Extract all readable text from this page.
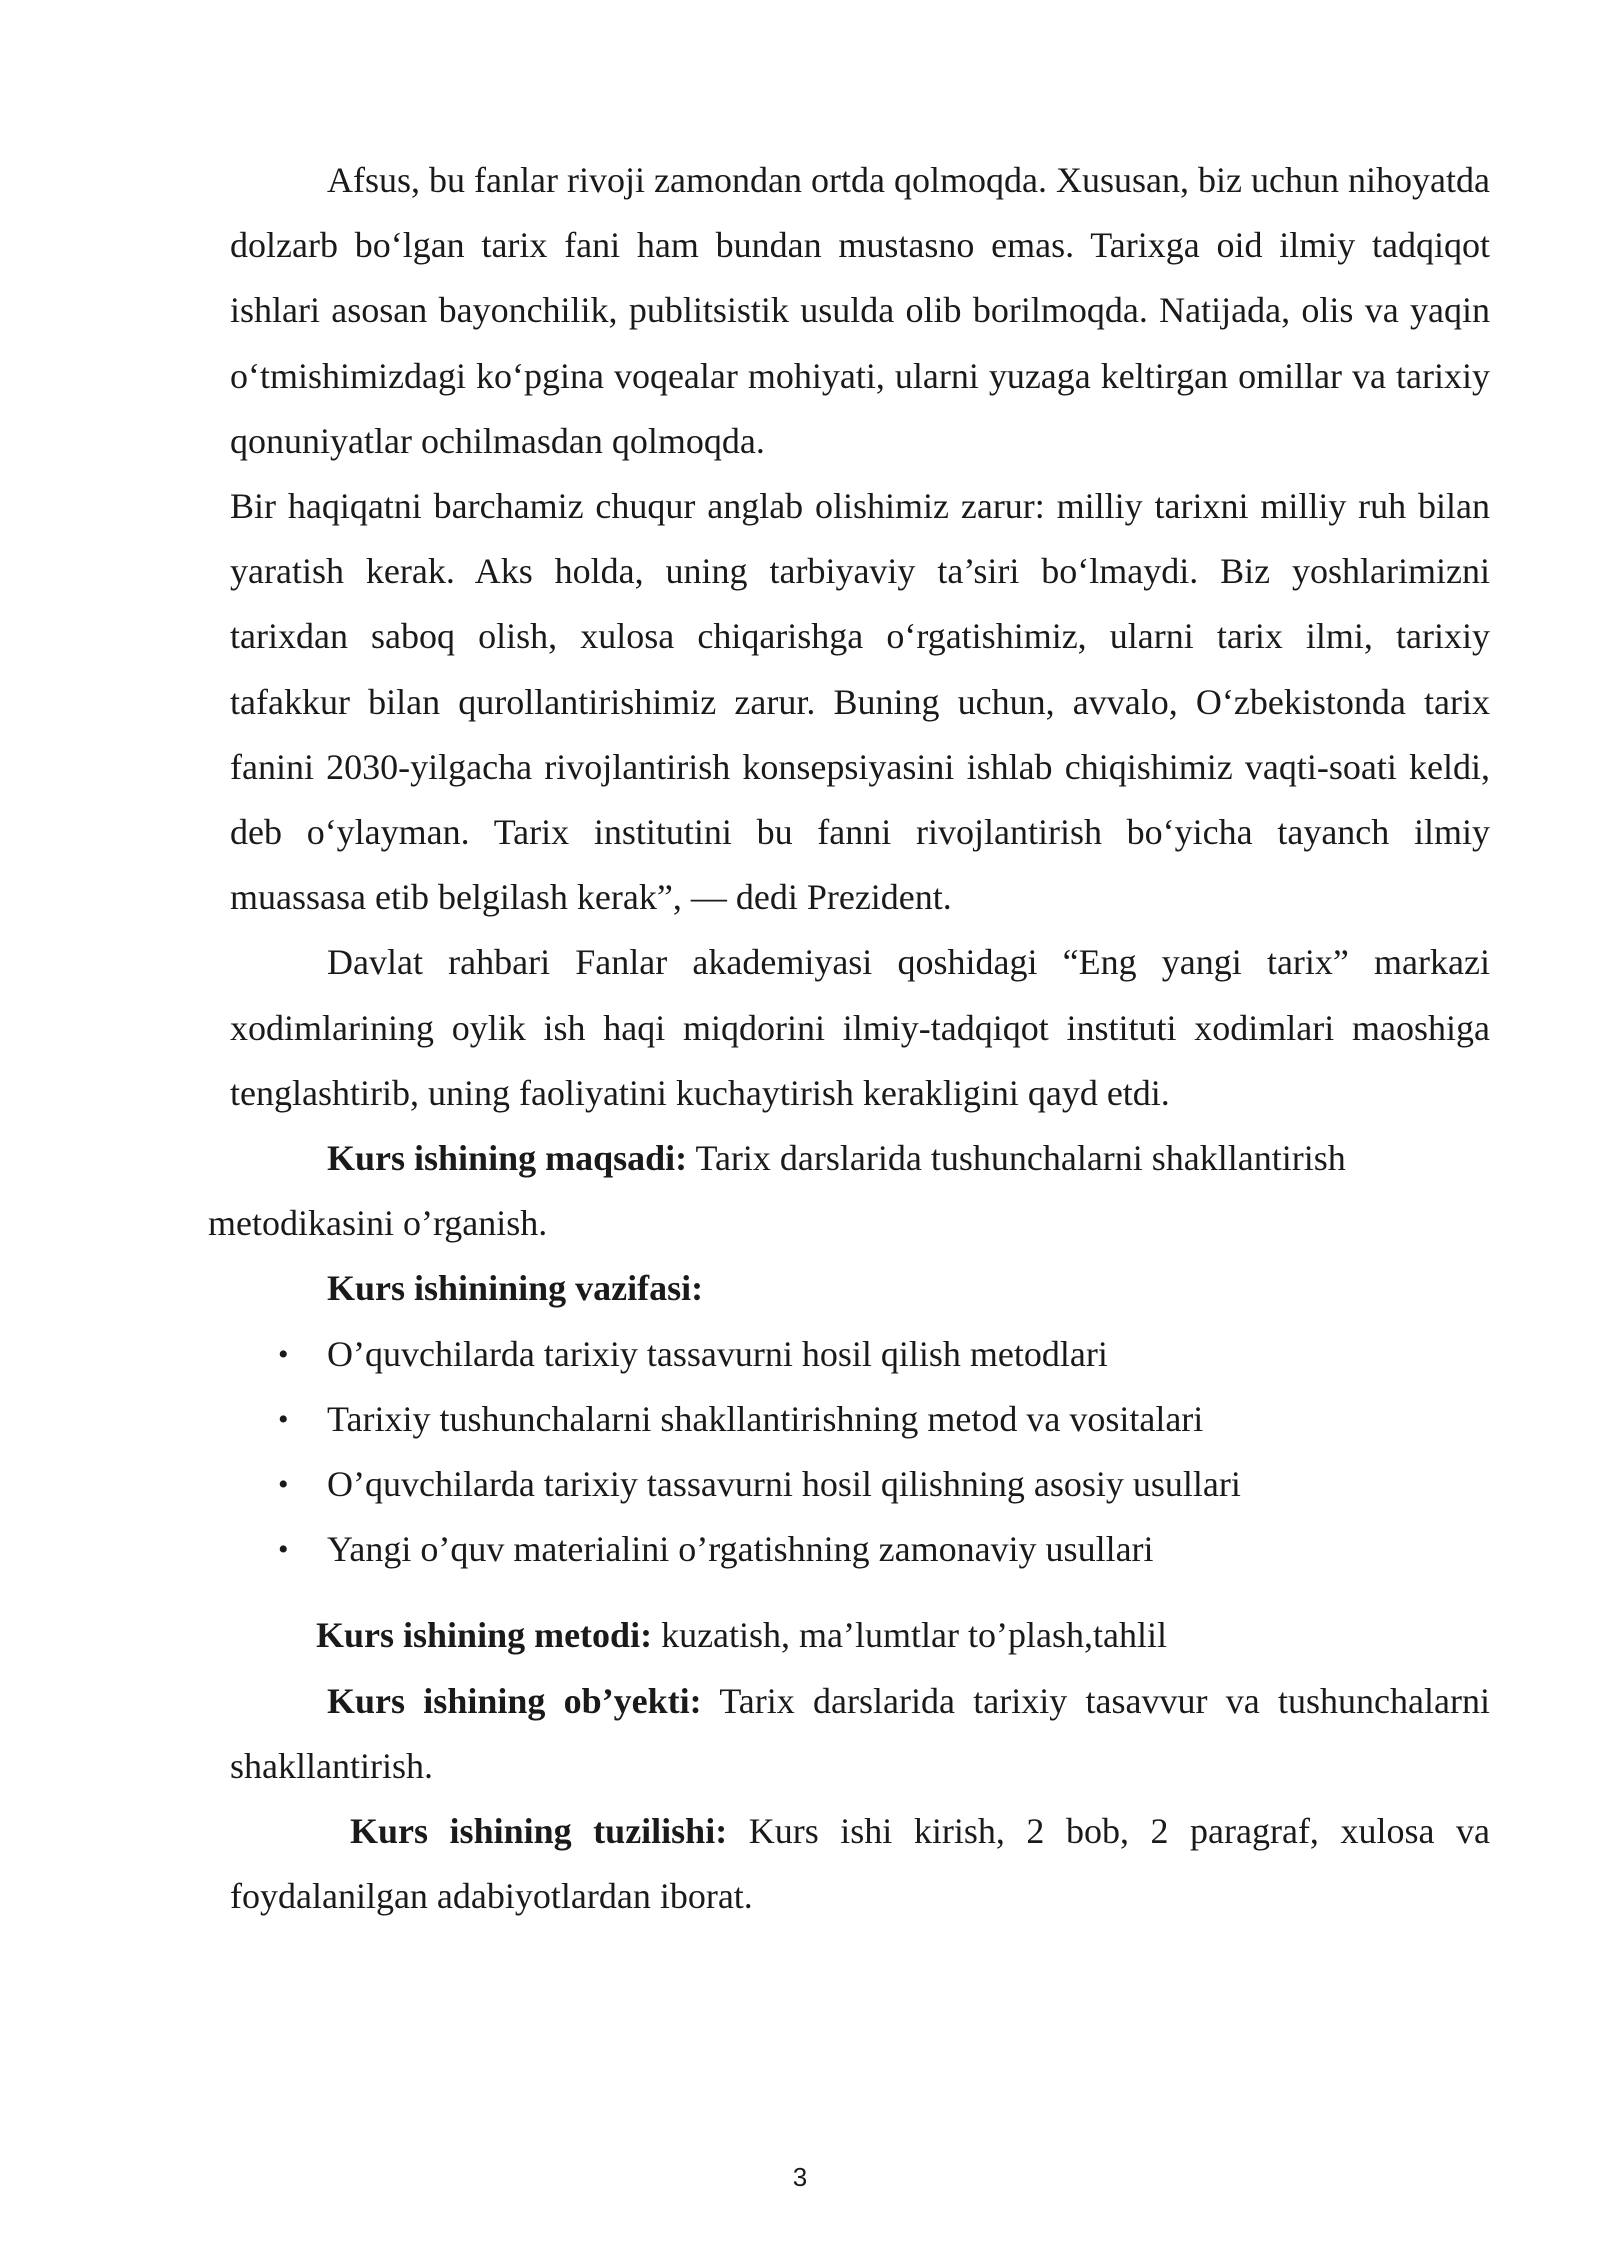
Afsus, bu fanlar rivoji zamondan ortda qolmoqda. Xususan, biz uchun nihoyatda dolzarb bo‘lgan tarix fani ham bundan mustasno emas. Tarixga oid ilmiy tadqiqot ishlari asosan bayonchilik, publitsistik usulda olib borilmoqda. Natijada, olis va yaqin o‘tmishimizdagi ko‘pgina voqealar mohiyati, ularni yuzaga keltirgan omillar va tarixiy qonuniyatlar ochilmasdan qolmoqda.

Bir haqiqatni barchamiz chuqur anglab olishimiz zarur: milliy tarixni milliy ruh bilan yaratish kerak. Aks holda, uning tarbiyaviy ta’siri bo‘lmaydi. Biz yoshlarimizni tarixdan saboq olish, xulosa chiqarishga o‘rgatishimiz, ularni tarix ilmi, tarixiy tafakkur bilan qurollantirishimiz zarur. Buning uchun, avvalo, O‘zbekistonda tarix fanini 2030-yilgacha rivojlantirish konsepsiyasini ishlab chiqishimiz vaqti-soati keldi, deb o‘ylayman. Tarix institutini bu fanni rivojlantirish bo‘yicha tayanch ilmiy muassasa etib belgilash kerak”, — dedi Prezident.

Davlat rahbari Fanlar akademiyasi qoshidagi “Eng yangi tarix” markazi xodimlarining oylik ish haqi miqdorini ilmiy-tadqiqot instituti xodimlari maoshiga tenglashtirib, uning faoliyatini kuchaytirish kerakligini qayd etdi.

Kurs ishining maqsadi: Tarix darslarida tushunchalarni shakllantirish

metodikasini o’rganish.

Kurs ishinining vazifasi:

• O’quvchilarda tarixiy tassavurni hosil qilish metodlari
• Tarixiy tushunchalarni shakllantirishning metod va vositalari
• O’quvchilarda tarixiy tassavurni hosil qilishning asosiy usullari
• Yangi o’quv materialini o’rgatishning zamonaviy usullari

Kurs ishining metodi: kuzatish, ma’lumtlar to’plash,tahlil

Kurs ishining ob’yekti: Tarix darslarida tarixiy tasavvur va tushunchalarni shakllantirish.

Kurs ishining tuzilishi: Kurs ishi kirish, 2 bob, 2 paragraf, xulosa va foydalanilgan adabiyotlardan iborat.

3
